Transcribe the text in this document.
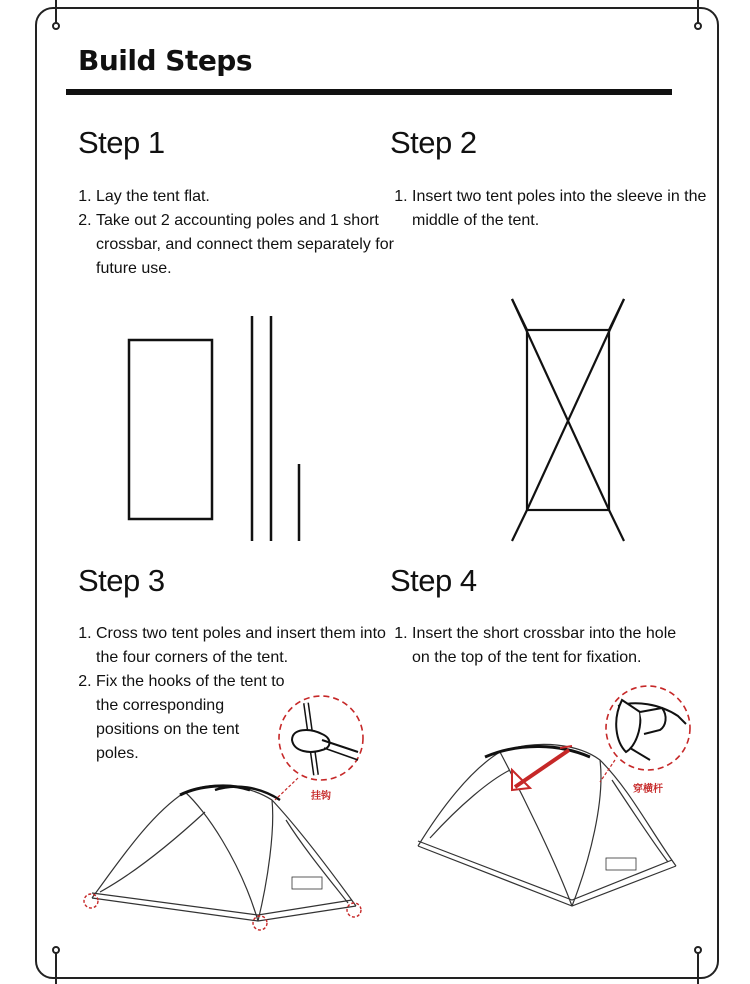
Build Steps
Step 1
1. Lay the tent flat.
2. Take out 2 accounting poles and 1 short crossbar, and connect them separately for future use.
Step 2
1. Insert two tent poles into the sleeve in the middle of the tent.
Step 3
1. Cross two tent poles and insert them into the four corners of the tent.
2. Fix the hooks of the tent to the corresponding positions on the tent poles.
Step 4
1. Insert the short crossbar into the hole on the top of the tent for fixation.
挂钩
穿横杆
